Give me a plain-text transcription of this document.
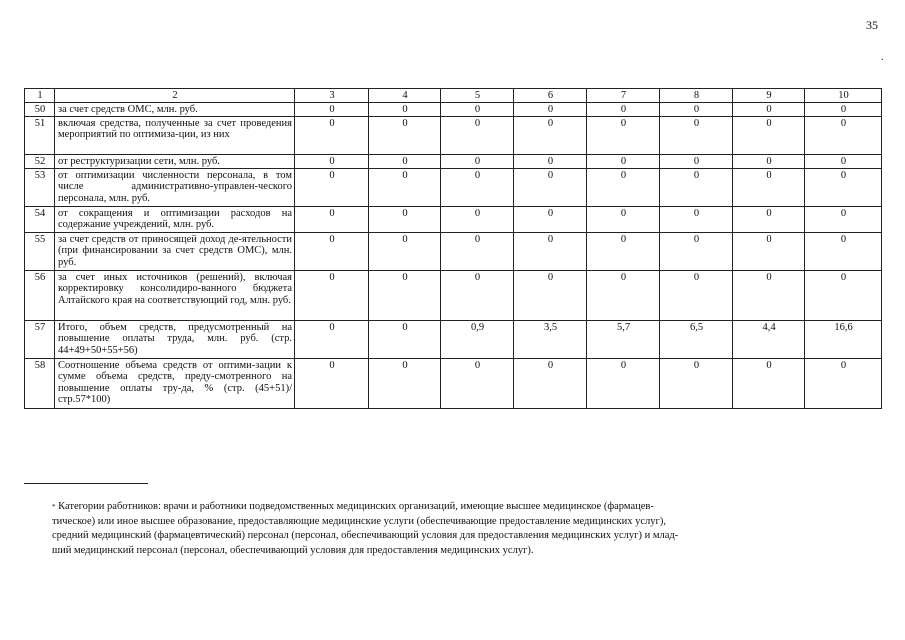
35
.
1	2	3	4	5	6	7	8	9	10
50	за счет средств ОМС, млн. руб.	0	0	0	0	0	0	0	0
51	включая средства, полученные за счет проведения мероприятий по оптимиза-ции, из них	0	0	0	0	0	0	0	0
52	от реструктуризации сети, млн. руб.	0	0	0	0	0	0	0	0
53	от оптимизации численности персонала, в том числе административно-управлен-ческого персонала, млн. руб.	0	0	0	0	0	0	0	0
54	от сокращения и оптимизации расходов на содержание учреждений, млн. руб.	0	0	0	0	0	0	0	0
55	за счет средств от приносящей доход де-ятельности (при финансировании за счет средств ОМС), млн. руб.	0	0	0	0	0	0	0	0
56	за счет иных источников (решений), включая корректировку консолидиро-ванного бюджета Алтайского края на соответствующий год, млн. руб.	0	0	0	0	0	0	0	0
57	Итого, объем средств, предусмотренный на повышение оплаты труда, млн. руб. (стр. 44+49+50+55+56)	0	0	0,9	3,5	5,7	6,5	4,4	16,6
58	Соотношение объема средств от оптими-зации к сумме объема средств, преду-смотренного на повышение оплаты тру-да, % (стр. (45+51)/стр.57*100)	0	0	0	0	0	0	0	0
* Категории работников: врачи и работники подведомственных медицинских организаций, имеющие высшее медицинское (фармацев-
тическое) или иное высшее образование, предоставляющие медицинские услуги (обеспечивающие предоставление медицинских услуг),
средний медицинский (фармацевтический) персонал (персонал, обеспечивающий условия для предоставления медицинских услуг) и млад-
ший медицинский персонал (персонал, обеспечивающий условия для предоставления медицинских услуг).
